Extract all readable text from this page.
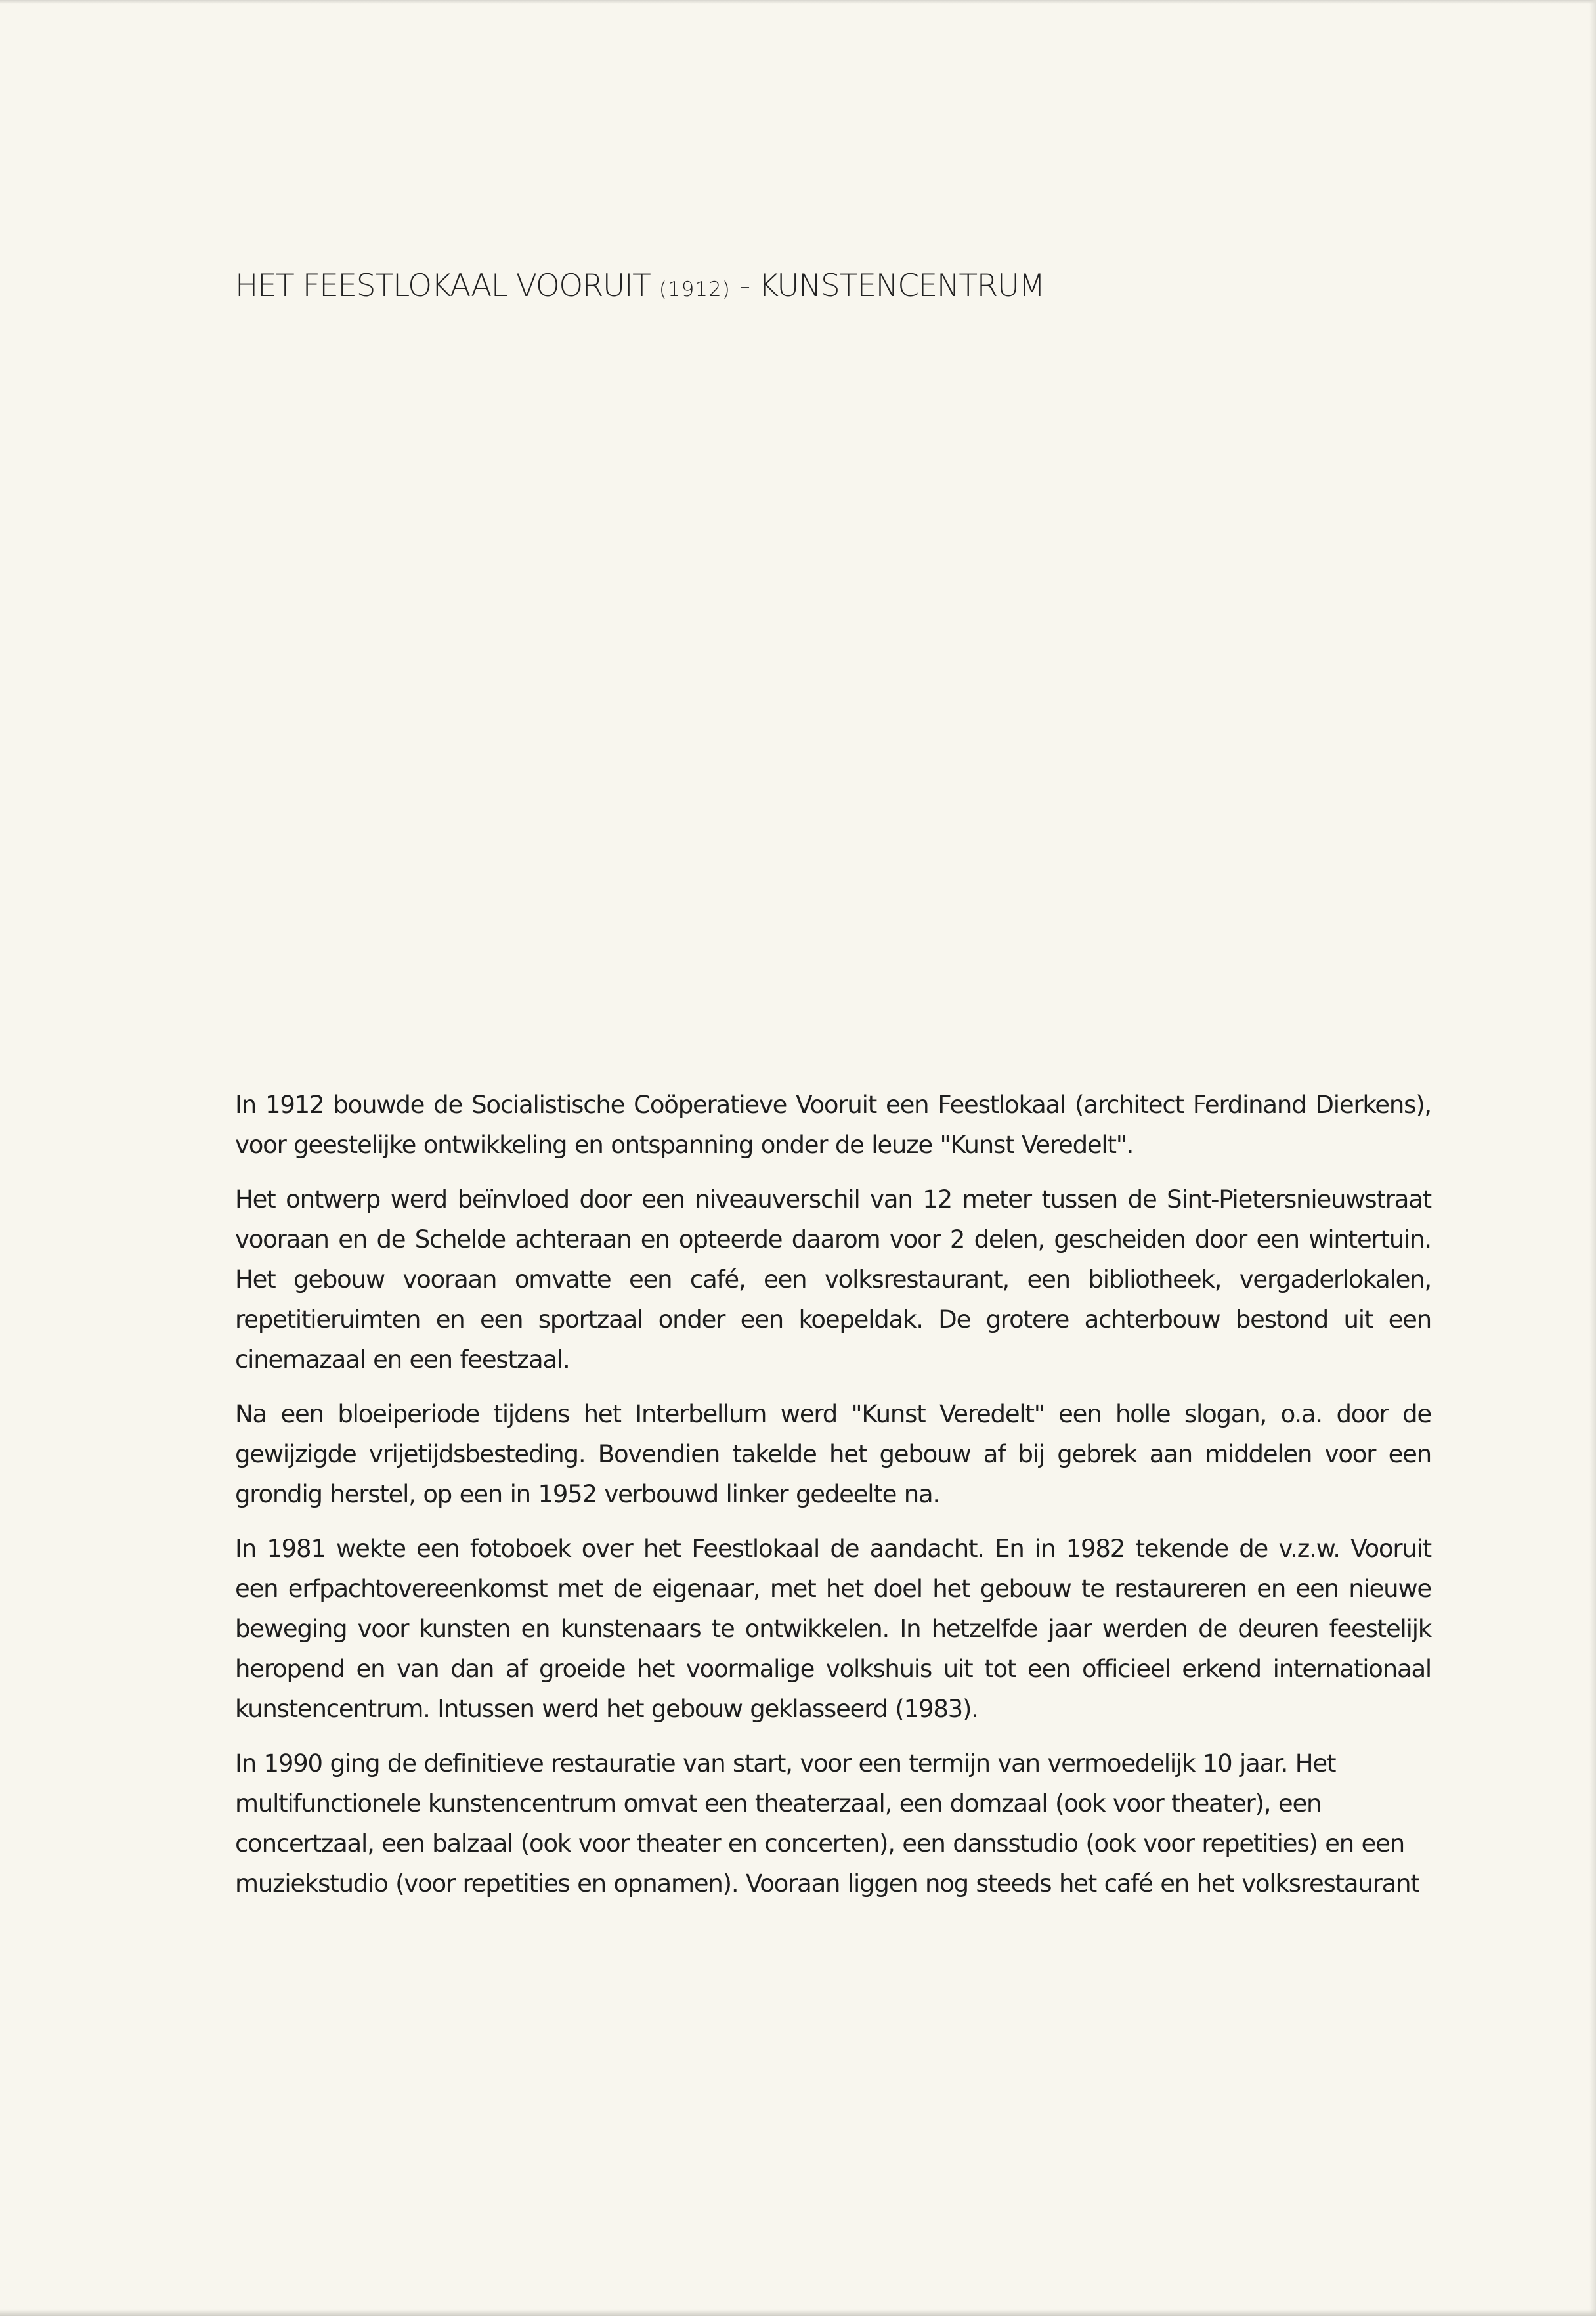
HET FEESTLOKAAL VOORUIT (1912) - KUNSTENCENTRUM

In 1912 bouwde de Socialistische Coöperatieve Vooruit een Feestlokaal (architect Ferdinand Dierkens), voor geestelijke ontwikkeling en ontspanning onder de leuze "Kunst Veredelt".

Het ontwerp werd beïnvloed door een niveauverschil van 12 meter tussen de Sint-Pietersnieuwstraat vooraan en de Schelde achteraan en opteerde daarom voor 2 delen, gescheiden door een wintertuin. Het gebouw vooraan omvatte een café, een volksrestaurant, een bibliotheek, vergaderlokalen, repetitieruimten en een sportzaal onder een koepeldak. De grotere achterbouw bestond uit een cinemazaal en een feestzaal.

Na een bloeiperiode tijdens het Interbellum werd "Kunst Veredelt" een holle slogan, o.a. door de gewijzigde vrijetijdsbesteding. Bovendien takelde het gebouw af bij gebrek aan middelen voor een grondig herstel, op een in 1952 verbouwd linker gedeelte na.

In 1981 wekte een fotoboek over het Feestlokaal de aandacht. En in 1982 tekende de v.z.w. Vooruit een erfpachtovereenkomst met de eigenaar, met het doel het gebouw te restaureren en een nieuwe beweging voor kunsten en kunstenaars te ontwikkelen. In hetzelfde jaar werden de deuren feestelijk heropend en van dan af groeide het voormalige volkshuis uit tot een officieel erkend internationaal kunstencentrum. Intussen werd het gebouw geklasseerd (1983).

In 1990 ging de definitieve restauratie van start, voor een termijn van vermoedelijk 10 jaar. Het multifunctionele kunstencentrum omvat een theaterzaal, een domzaal (ook voor theater), een concertzaal, een balzaal (ook voor theater en concerten), een dansstudio (ook voor repetities) en een muziekstudio (voor repetities en opnamen). Vooraan liggen nog steeds het café en het volksrestaurant
